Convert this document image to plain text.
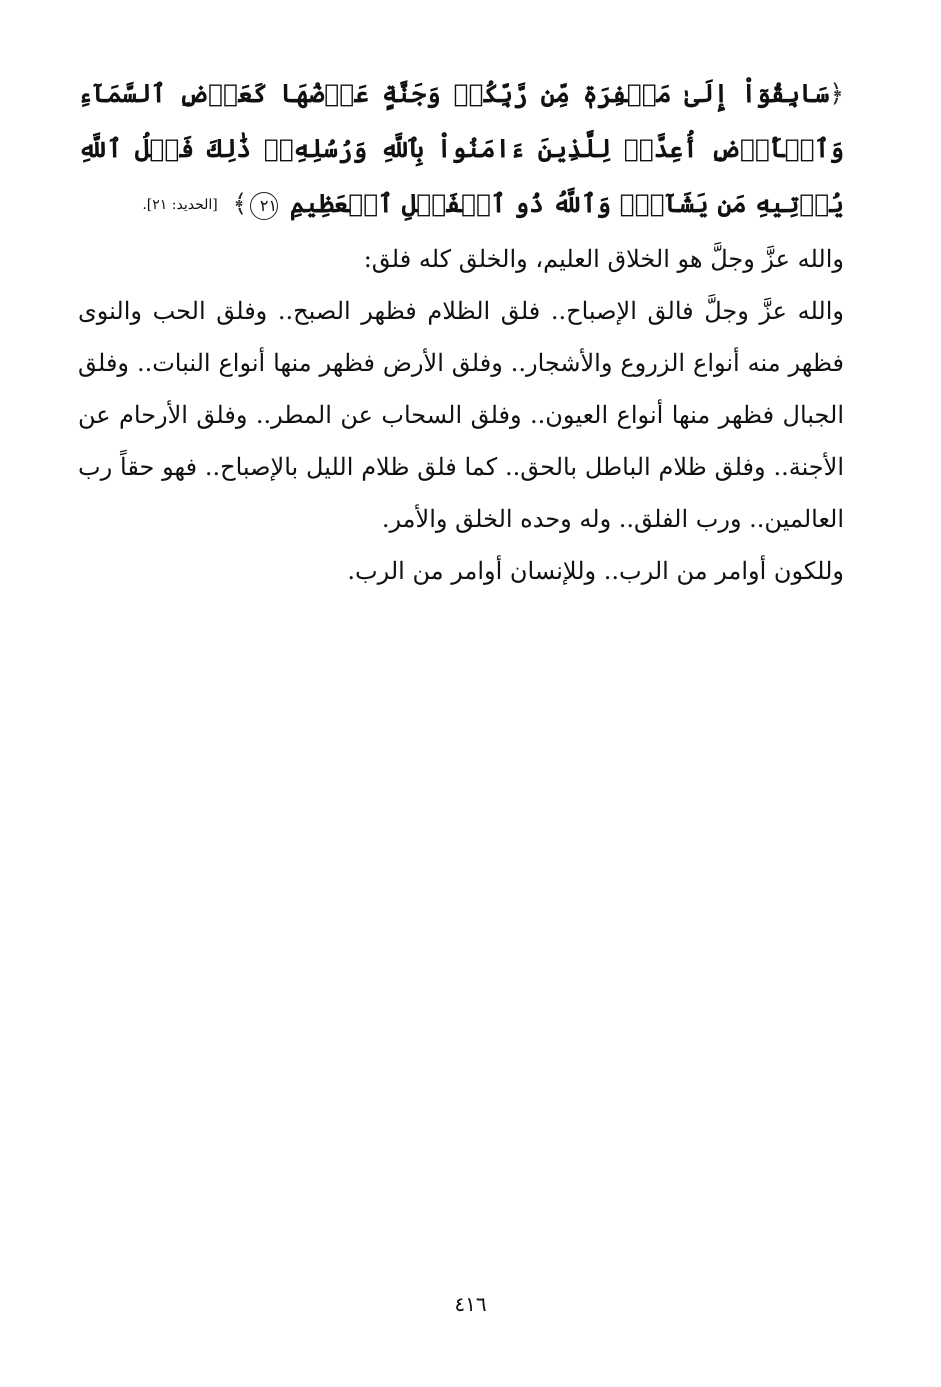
﴿سَابِقُوٓاْ إِلَىٰ مَغۡفِرَةٖ مِّن رَّبِّكُمۡ وَجَنَّةٍ عَرۡضُهَا كَعَرۡضِ ٱلسَّمَآءِ وَٱلۡأَرۡضِ أُعِدَّتۡ لِلَّذِينَ ءَامَنُواْ بِٱللَّهِ وَرُسُلِهِۦۚ ذَٰلِكَ فَضۡلُ ٱللَّهِ يُؤۡتِيهِ مَن يَشَآءُۚ وَٱللَّهُ ذُو ٱلۡفَضۡلِ ٱلۡعَظِيمِ ٢١﴾ [الحديد: ٢١].

والله عزَّ وجلَّ هو الخلاق العليم، والخلق كله فلق:

والله عزَّ وجلَّ فالق الإصباح.. فلق الظلام فظهر الصبح.. وفلق الحب والنوى فظهر منه أنواع الزروع والأشجار.. وفلق الأرض فظهر منها أنواع النبات.. وفلق الجبال فظهر منها أنواع العيون.. وفلق السحاب عن المطر.. وفلق الأرحام عن الأجنة.. وفلق ظلام الباطل بالحق.. كما فلق ظلام الليل بالإصباح.. فهو حقاً رب العالمين.. ورب الفلق.. وله وحده الخلق والأمر.

وللكون أوامر من الرب.. وللإنسان أوامر من الرب.

٤١٦
